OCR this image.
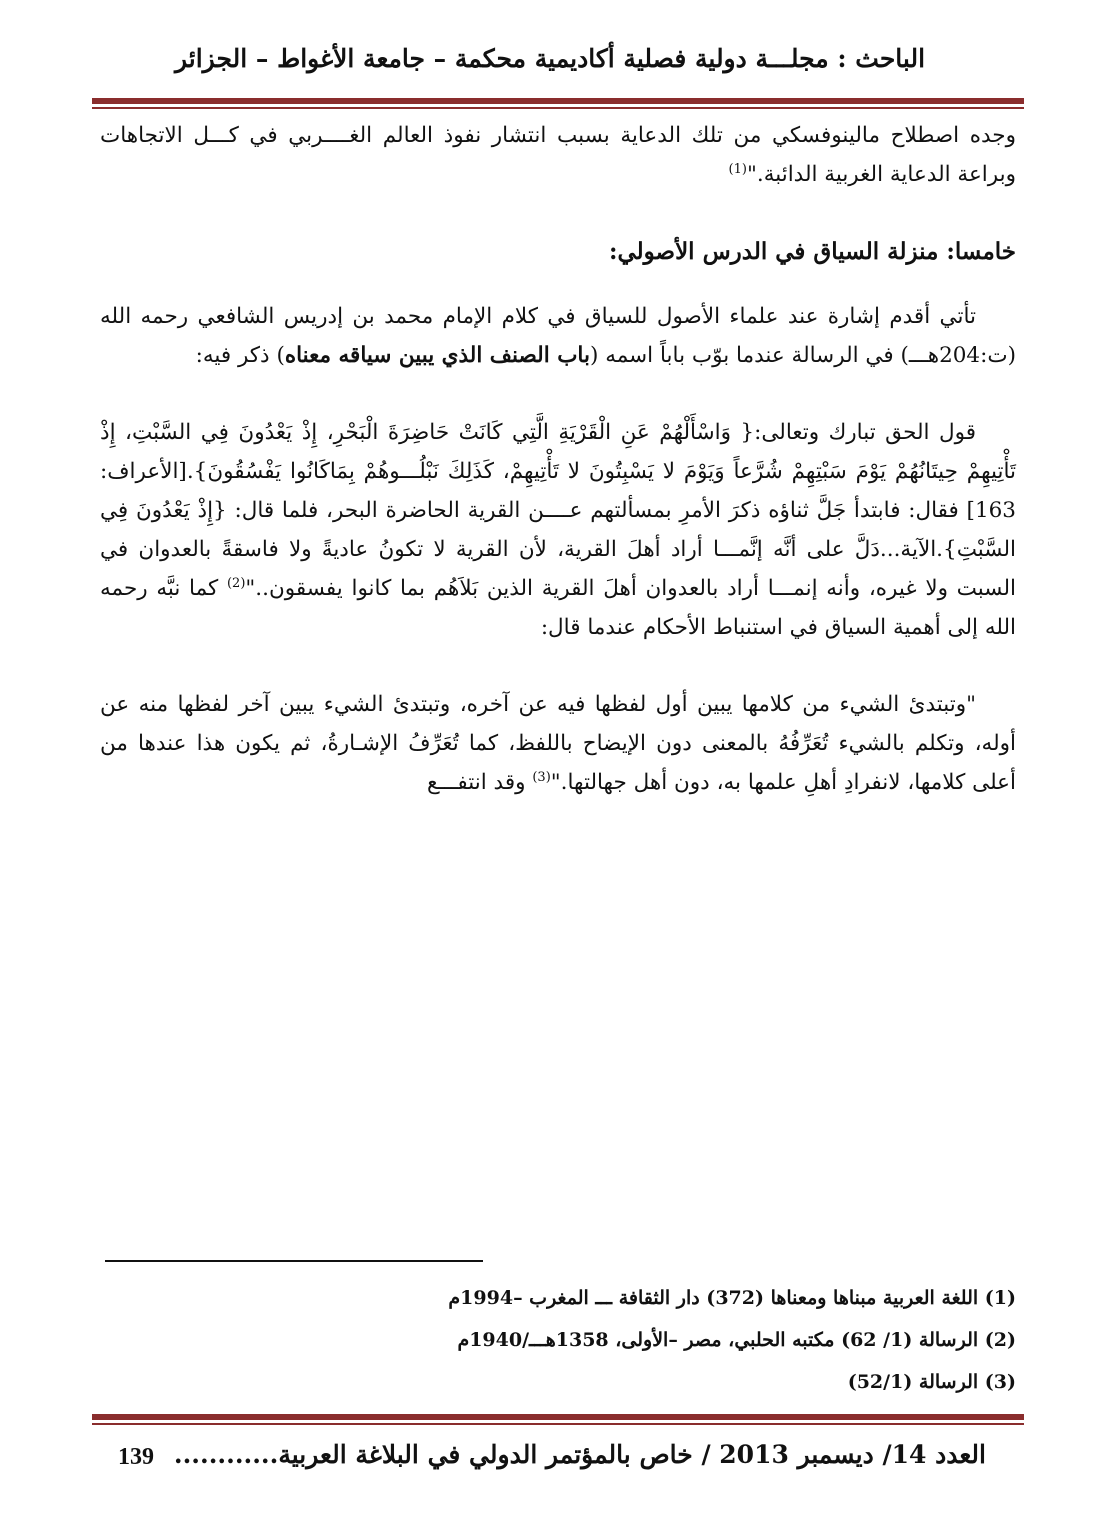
الباحث : مجلـــة دولية فصلية أكاديمية محكمة – جامعة الأغواط – الجزائر

وجده اصطلاح مالينوفسكي من تلك الدعاية بسبب انتشار نفوذ العالم الغــــربي في كـــل الاتجاهات وبراعة الدعاية الغربية الدائبة."$^{(1)}$

خامسا: منزلة السياق في الدرس الأصولي:

تأتي أقدم إشارة عند علماء الأصول للسياق في كلام الإمام محمد بن إدريس الشافعي رحمه الله (ت:204هـــ) في الرسالة عندما بوّب باباً اسمه (باب الصنف الذي يبين سياقه معناه) ذكر فيه:

قول الحق تبارك وتعالى:{ وَاسْأَلْهُمْ عَنِ الْقَرْيَةِ الَّتِي كَانَتْ حَاضِرَةَ الْبَحْرِ، إِذْ يَعْدُونَ فِي السَّبْتِ، إِذْ تَأْتِيهِمْ حِيتَانُهُمْ يَوْمَ سَبْتِهِمْ شُرَّعاً وَيَوْمَ لا يَسْبِتُونَ لا تَأْتِيهِمْ، كَذَلِكَ نَبْلُـــوهُمْ بِمَاكَانُوا يَفْسُقُونَ}.[الأعراف: 163] فقال: فابتدأ جَلَّ ثناؤه ذكرَ الأمرِ بمسألتهم عــــن القرية الحاضرة البحر، فلما قال: {إِذْ يَعْدُونَ فِي السَّبْتِ}.الآية...دَلَّ على أنَّه إنَّمـــا أراد أهلَ القرية، لأن القرية لا تكونُ عاديةً ولا فاسقةً بالعدوان في السبت ولا غيره، وأنه إنمـــا أراد بالعدوان أهلَ القرية الذين بَلاَهُم بما كانوا يفسقون.."$^{(2)}$ كما نبَّه رحمه الله إلى أهمية السياق في استنباط الأحكام عندما قال:

"وتبتدئ الشيء من كلامها يبين أول لفظها فيه عن آخره، وتبتدئ الشيء يبين آخر لفظها منه عن أوله، وتكلم بالشيء تُعَرِّفُهُ بالمعنى دون الإيضاح باللفظ، كما تُعَرِّفُ الإشـارةُ، ثم يكون هذا عندها من أعلى كلامها، لانفرادِ أهلِ علمها به، دون أهل جهالتها."$^{(3)}$ وقد انتفـــع

(1) اللغة العربية مبناها ومعناها (372) دار الثقافة ـــ المغرب –1994م

(2) الرسالة (1/ 62) مكتبه الحلبي، مصر –الأولى، 1358هـــ/1940م

(3) الرسالة (52/1)

العدد 14/ ديسمبر 2013 / خاص بالمؤتمر الدولي في البلاغة العربية............
139
